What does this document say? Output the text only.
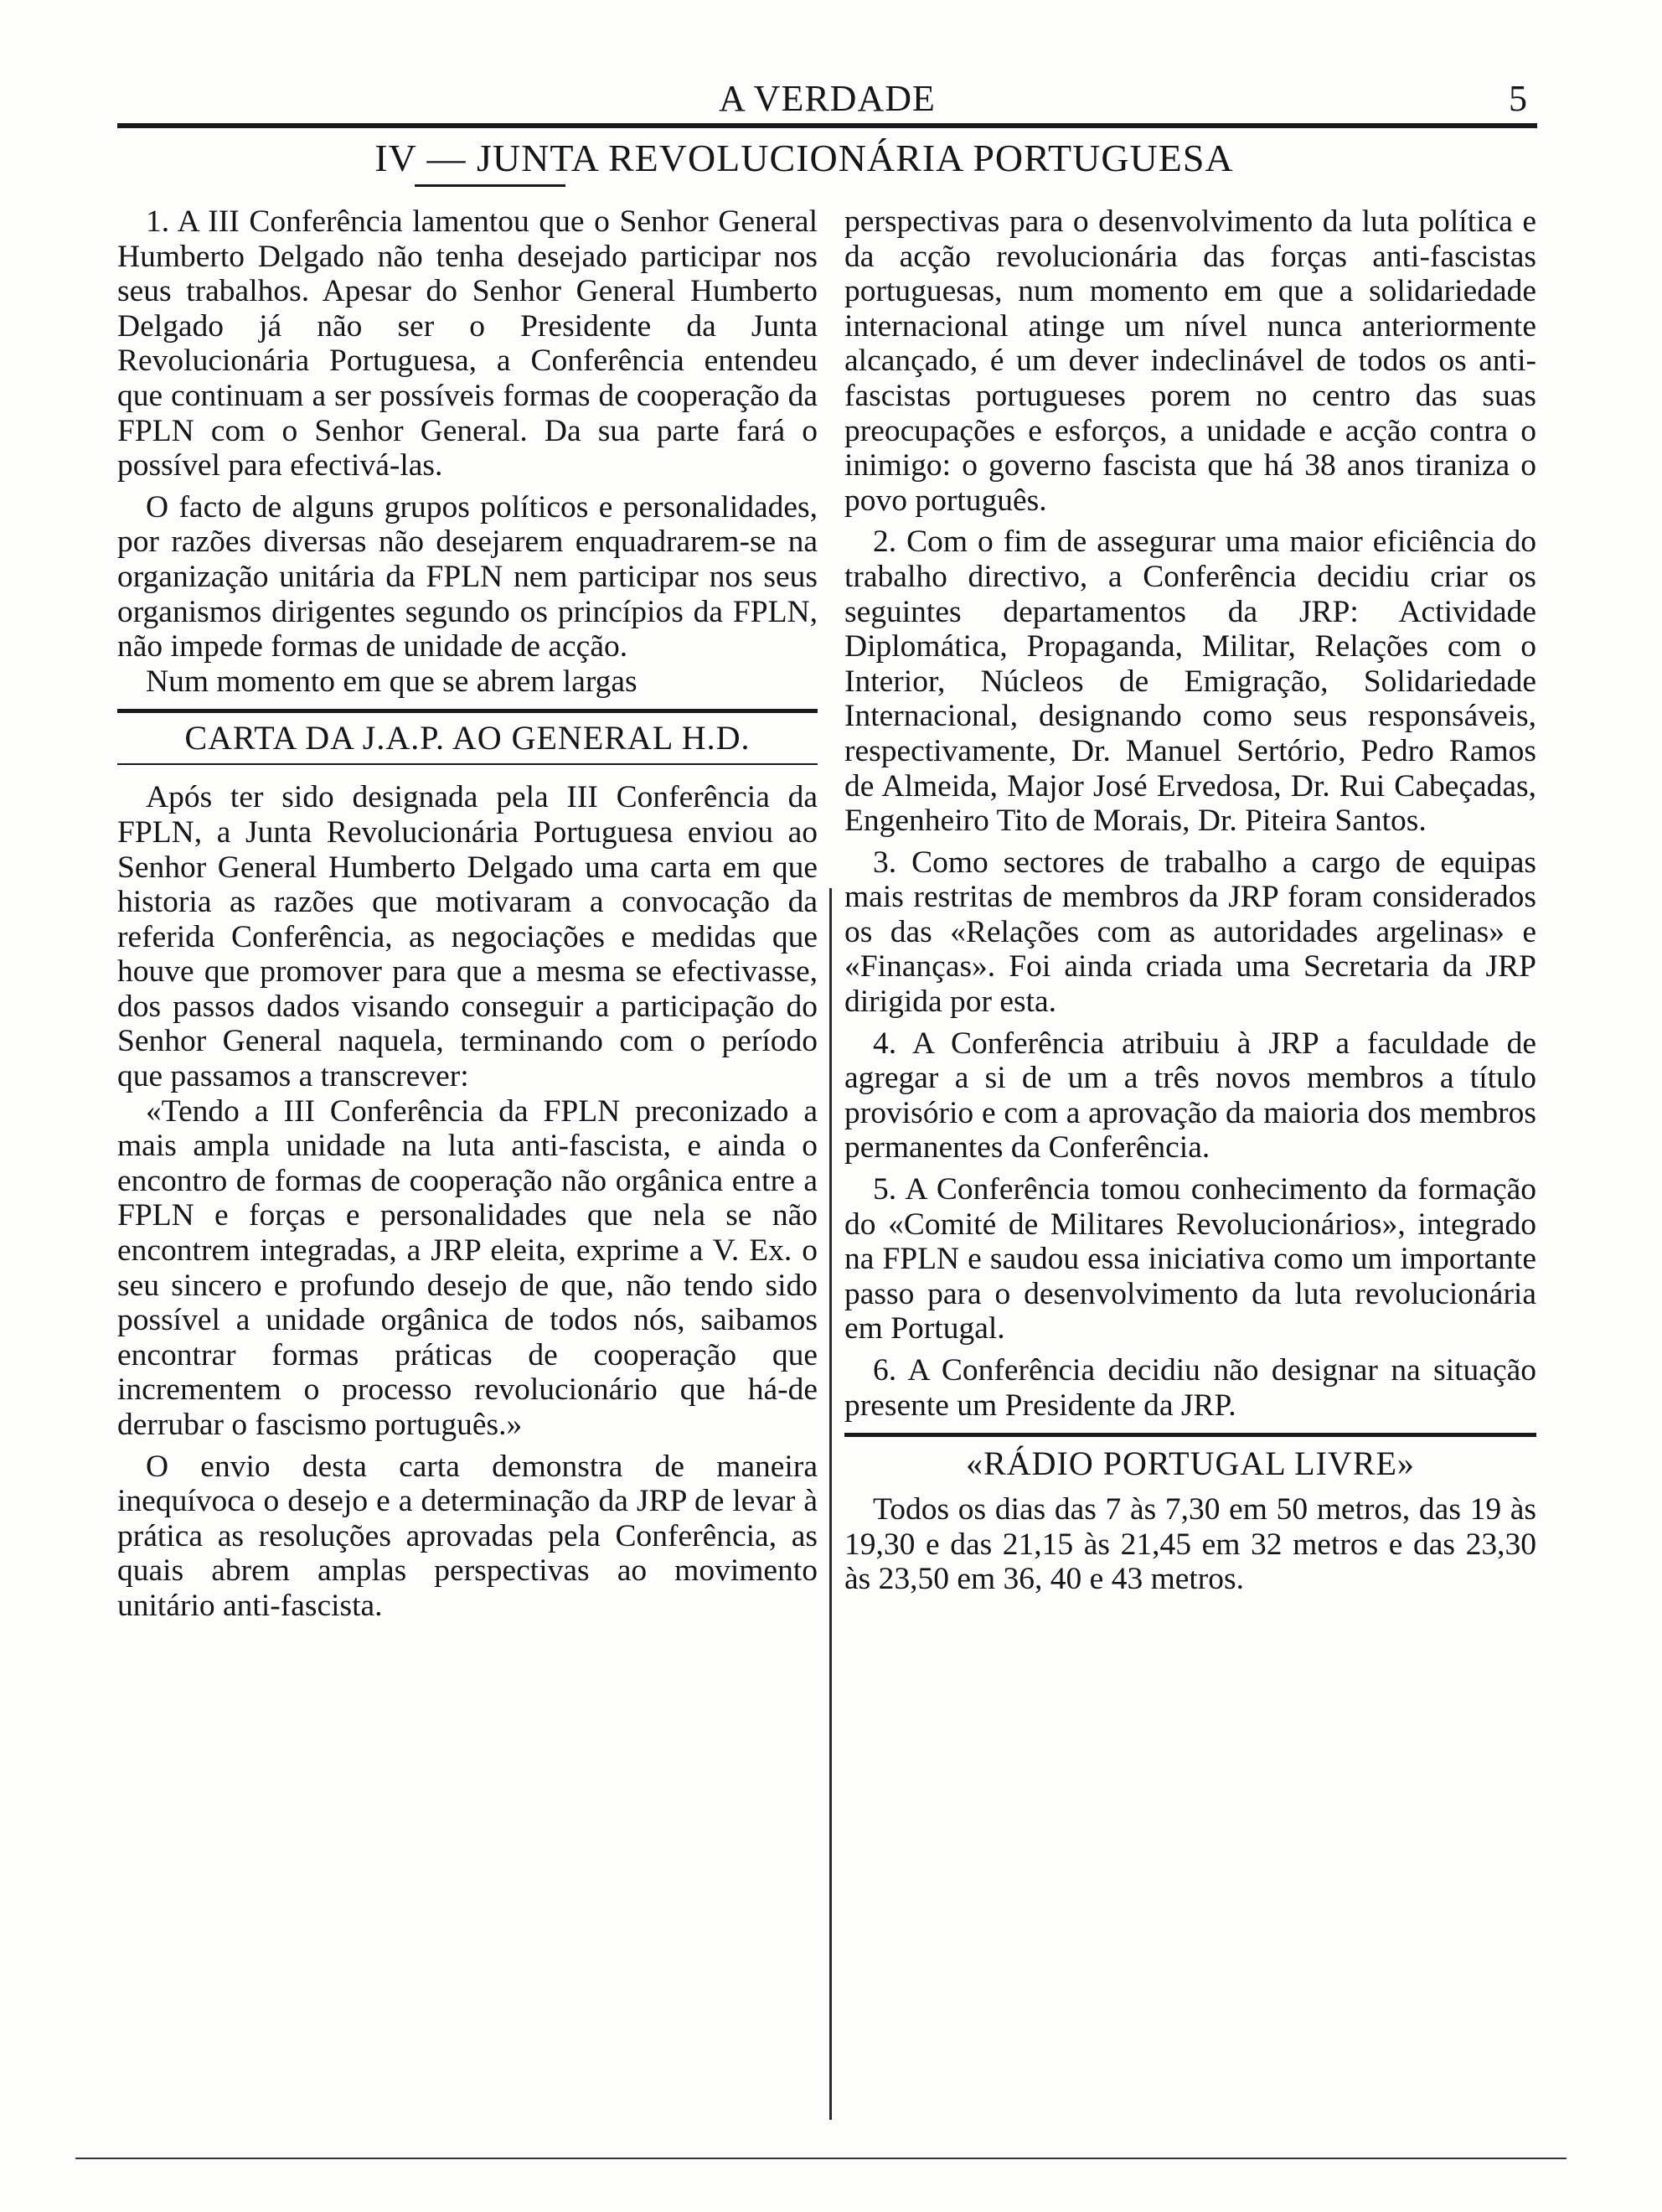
A VERDADE	5
IV — JUNTA REVOLUCIONÁRIA PORTUGUESA

1. A III Conferência lamentou que o Senhor General Humberto Delgado não tenha desejado participar nos seus trabalhos. Apesar do Senhor General Humberto Delgado já não ser o Presidente da Junta Revolucionária Portuguesa, a Conferência entendeu que continuam a ser possíveis formas de cooperação da FPLN com o Senhor General. Da sua parte fará o possível para efectivá-las.

O facto de alguns grupos políticos e personalidades, por razões diversas não desejarem enquadrarem-se na organização unitária da FPLN nem participar nos seus organismos dirigentes segundo os princípios da FPLN, não impede formas de unidade de acção.

Num momento em que se abrem largas

CARTA DA J.A.P. AO GENERAL H.D.

Após ter sido designada pela III Conferência da FPLN, a Junta Revolucionária Portuguesa enviou ao Senhor General Humberto Delgado uma carta em que historia as razões que motivaram a convocação da referida Conferência, as negociações e medidas que houve que promover para que a mesma se efectivasse, dos passos dados visando conseguir a participação do Senhor General naquela, terminando com o período que passamos a transcrever:

«Tendo a III Conferência da FPLN preconizado a mais ampla unidade na luta anti-fascista, e ainda o encontro de formas de cooperação não orgânica entre a FPLN e forças e personalidades que nela se não encontrem integradas, a JRP eleita, exprime a V. Ex. o seu sincero e profundo desejo de que, não tendo sido possível a unidade orgânica de todos nós, saibamos encontrar formas práticas de cooperação que incrementem o processo revolucionário que há-de derrubar o fascismo português.»

O envio desta carta demonstra de maneira inequívoca o desejo e a determinação da JRP de levar à prática as resoluções aprovadas pela Conferência, as quais abrem amplas perspectivas ao movimento unitário anti-fascista.

perspectivas para o desenvolvimento da luta política e da acção revolucionária das forças anti-fascistas portuguesas, num momento em que a solidariedade internacional atinge um nível nunca anteriormente alcançado, é um dever indeclinável de todos os anti-fascistas portugueses porem no centro das suas preocupações e esforços, a unidade e acção contra o inimigo: o governo fascista que há 38 anos tiraniza o povo português.

2. Com o fim de assegurar uma maior eficiência do trabalho directivo, a Conferência decidiu criar os seguintes departamentos da JRP: Actividade Diplomática, Propaganda, Militar, Relações com o Interior, Núcleos de Emigração, Solidariedade Internacional, designando como seus responsáveis, respectivamente, Dr. Manuel Sertório, Pedro Ramos de Almeida, Major José Ervedosa, Dr. Rui Cabeçadas, Engenheiro Tito de Morais, Dr. Piteira Santos.

3. Como sectores de trabalho a cargo de equipas mais restritas de membros da JRP foram considerados os das «Relações com as autoridades argelinas» e «Finanças». Foi ainda criada uma Secretaria da JRP dirigida por esta.

4. A Conferência atribuiu à JRP a faculdade de agregar a si de um a três novos membros a título provisório e com a aprovação da maioria dos membros permanentes da Conferência.

5. A Conferência tomou conhecimento da formação do «Comité de Militares Revolucionários», integrado na FPLN e saudou essa iniciativa como um importante passo para o desenvolvimento da luta revolucionária em Portugal.

6. A Conferência decidiu não designar na situação presente um Presidente da JRP.

«RÁDIO PORTUGAL LIVRE»

Todos os dias das 7 às 7,30 em 50 metros, das 19 às 19,30 e das 21,15 às 21,45 em 32 metros e das 23,30 às 23,50 em 36, 40 e 43 metros.
